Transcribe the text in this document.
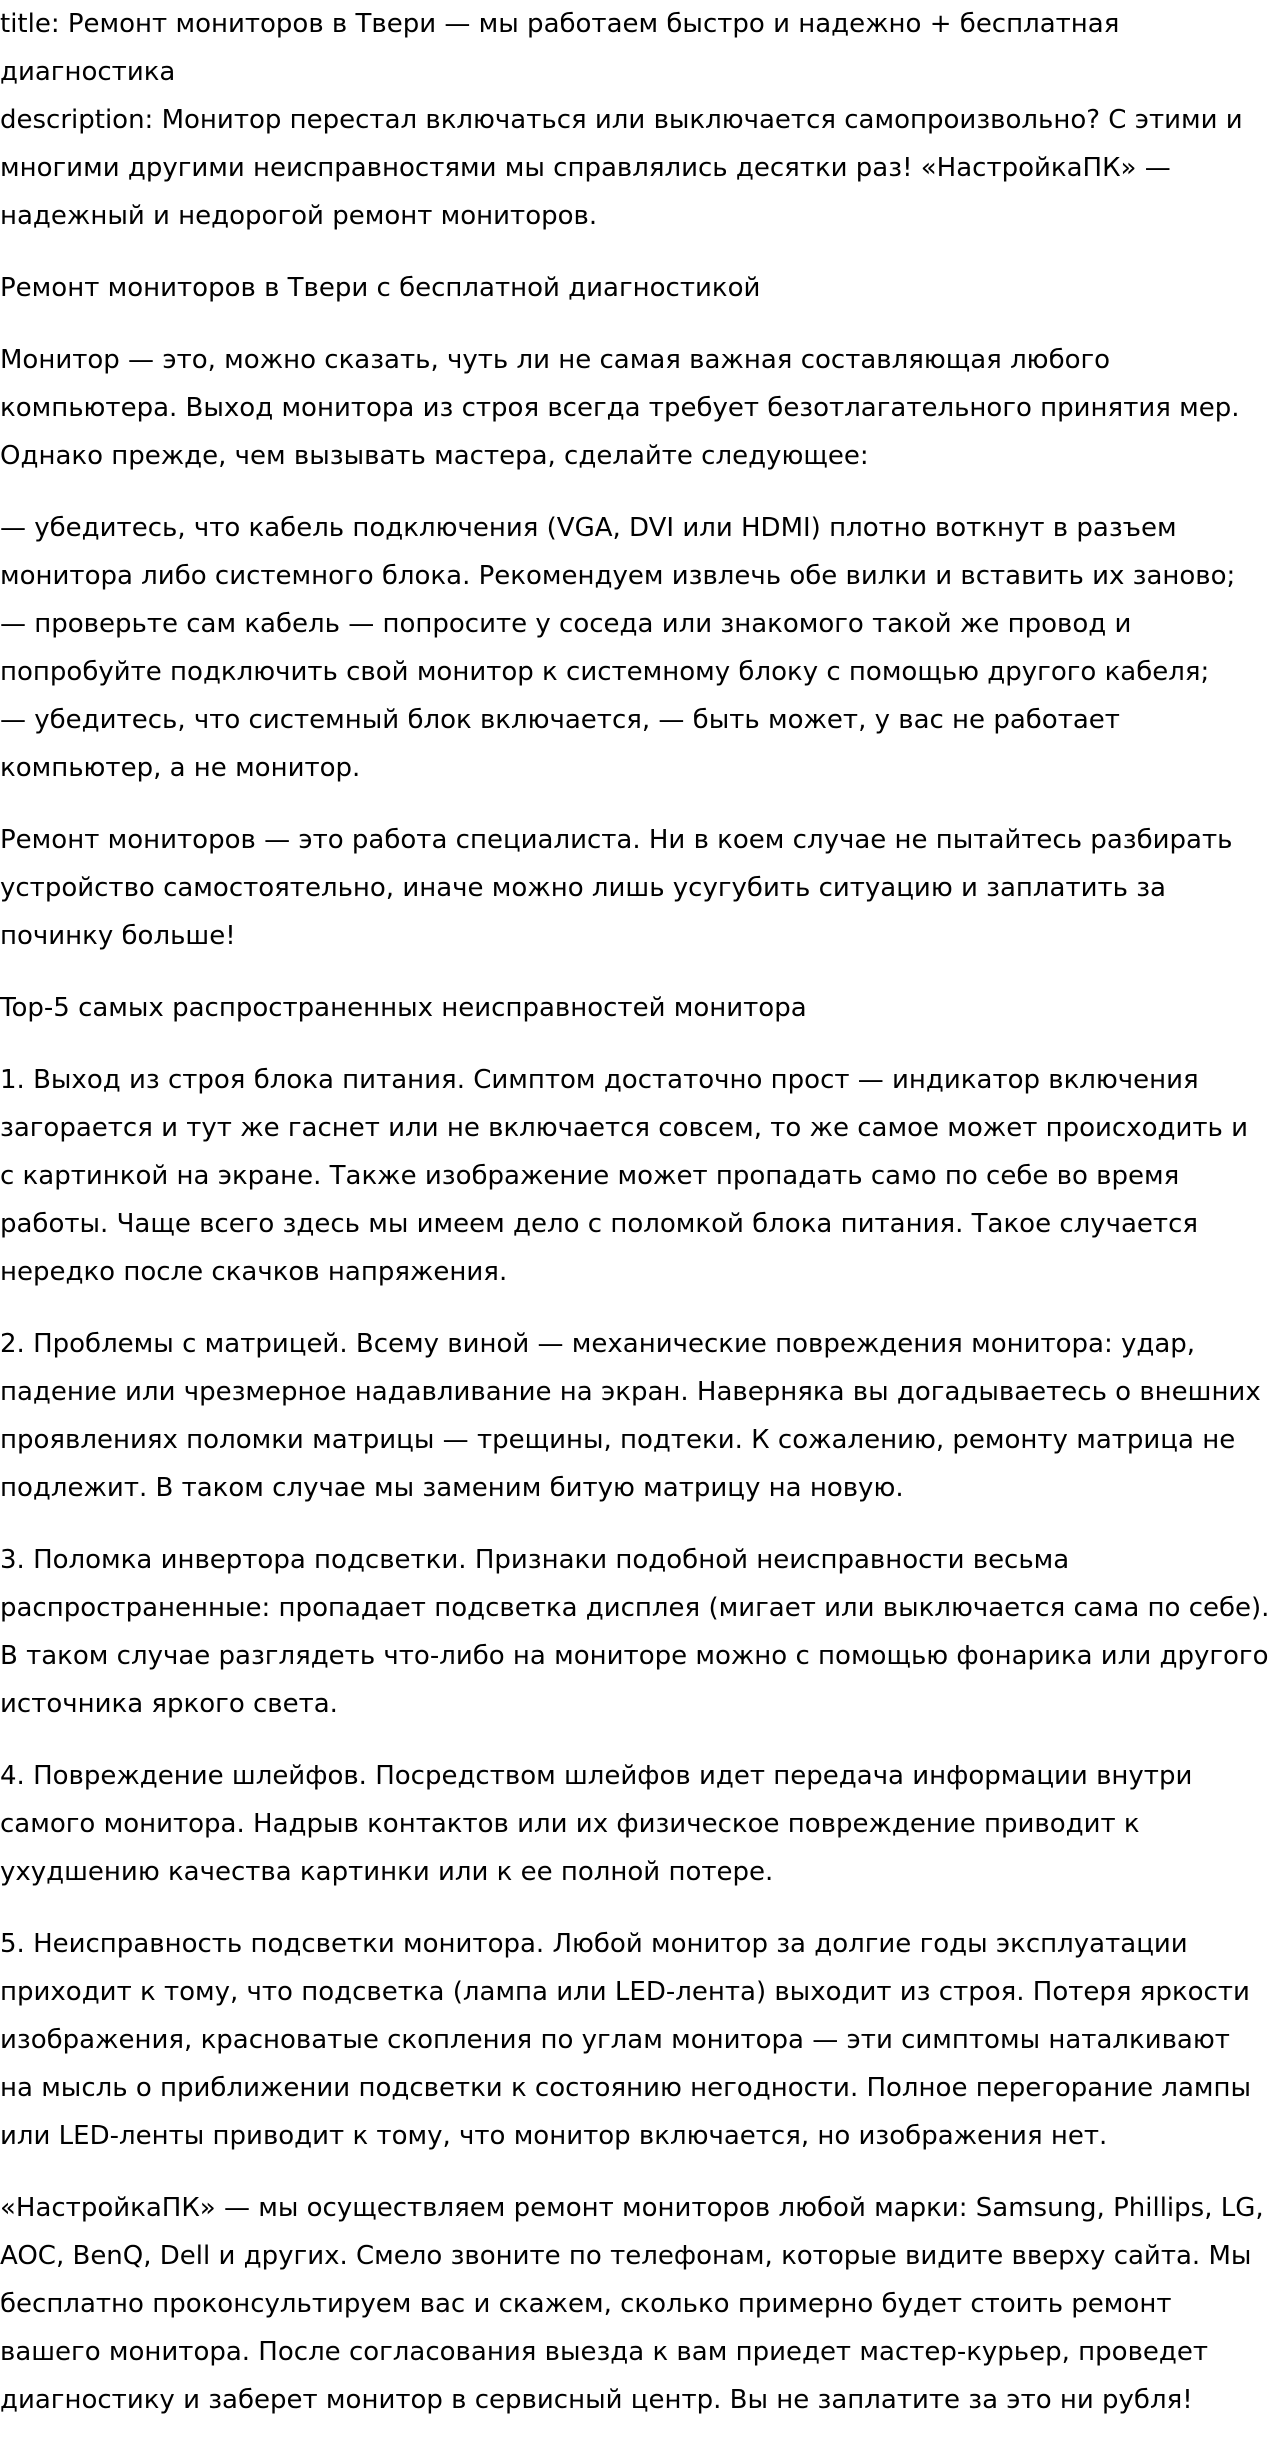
title: Ремонт мониторов в Твери — мы работаем быстро и надежно + бесплатная диагностика
description: Монитор перестал включаться или выключается самопроизвольно? С этими и многими другими неисправностями мы справлялись десятки раз! «НастройкаПК» — надежный и недорогой ремонт мониторов.

Ремонт мониторов в Твери с бесплатной диагностикой

Монитор — это, можно сказать, чуть ли не самая важная составляющая любого компьютера. Выход монитора из строя всегда требует безотлагательного принятия мер. Однако прежде, чем вызывать мастера, сделайте следующее:

— убедитесь, что кабель подключения (VGA, DVI или HDMI) плотно воткнут в разъем монитора либо системного блока. Рекомендуем извлечь обе вилки и вставить их заново;
— проверьте сам кабель — попросите у соседа или знакомого такой же провод и попробуйте подключить свой монитор к системному блоку с помощью другого кабеля;
— убедитесь, что системный блок включается, — быть может, у вас не работает компьютер, а не монитор.

Ремонт мониторов — это работа специалиста. Ни в коем случае не пытайтесь разбирать устройство самостоятельно, иначе можно лишь усугубить ситуацию и заплатить за починку больше!

Top-5 самых распространенных неисправностей монитора

1. Выход из строя блока питания. Симптом достаточно прост — индикатор включения загорается и тут же гаснет или не включается совсем, то же самое может происходить и с картинкой на экране. Также изображение может пропадать само по себе во время работы. Чаще всего здесь мы имеем дело с поломкой блока питания. Такое случается нередко после скачков напряжения.

2. Проблемы с матрицей. Всему виной — механические повреждения монитора: удар, падение или чрезмерное надавливание на экран. Наверняка вы догадываетесь о внешних проявлениях поломки матрицы — трещины, подтеки. К сожалению, ремонту матрица не подлежит. В таком случае мы заменим битую матрицу на новую.

3. Поломка инвертора подсветки. Признаки подобной неисправности весьма распространенные: пропадает подсветка дисплея (мигает или выключается сама по себе). В таком случае разглядеть что-либо на мониторе можно с помощью фонарика или другого источника яркого света.

4. Повреждение шлейфов. Посредством шлейфов идет передача информации внутри самого монитора. Надрыв контактов или их физическое повреждение приводит к ухудшению качества картинки или к ее полной потере.

5. Неисправность подсветки монитора. Любой монитор за долгие годы эксплуатации приходит к тому, что подсветка (лампа или LED-лента) выходит из строя. Потеря яркости изображения, красноватые скопления по углам монитора — эти симптомы наталкивают на мысль о приближении подсветки к состоянию негодности. Полное перегорание лампы или LED-ленты приводит к тому, что монитор включается, но изображения нет.

«НастройкаПК» — мы осуществляем ремонт мониторов любой марки: Samsung, Phillips, LG, AOC, BenQ, Dell и других. Смело звоните по телефонам, которые видите вверху сайта. Мы бесплатно проконсультируем вас и скажем, сколько примерно будет стоить ремонт вашего монитора. После согласования выезда к вам приедет мастер-курьер, проведет диагностику и заберет монитор в сервисный центр. Вы не заплатите за это ни рубля!
